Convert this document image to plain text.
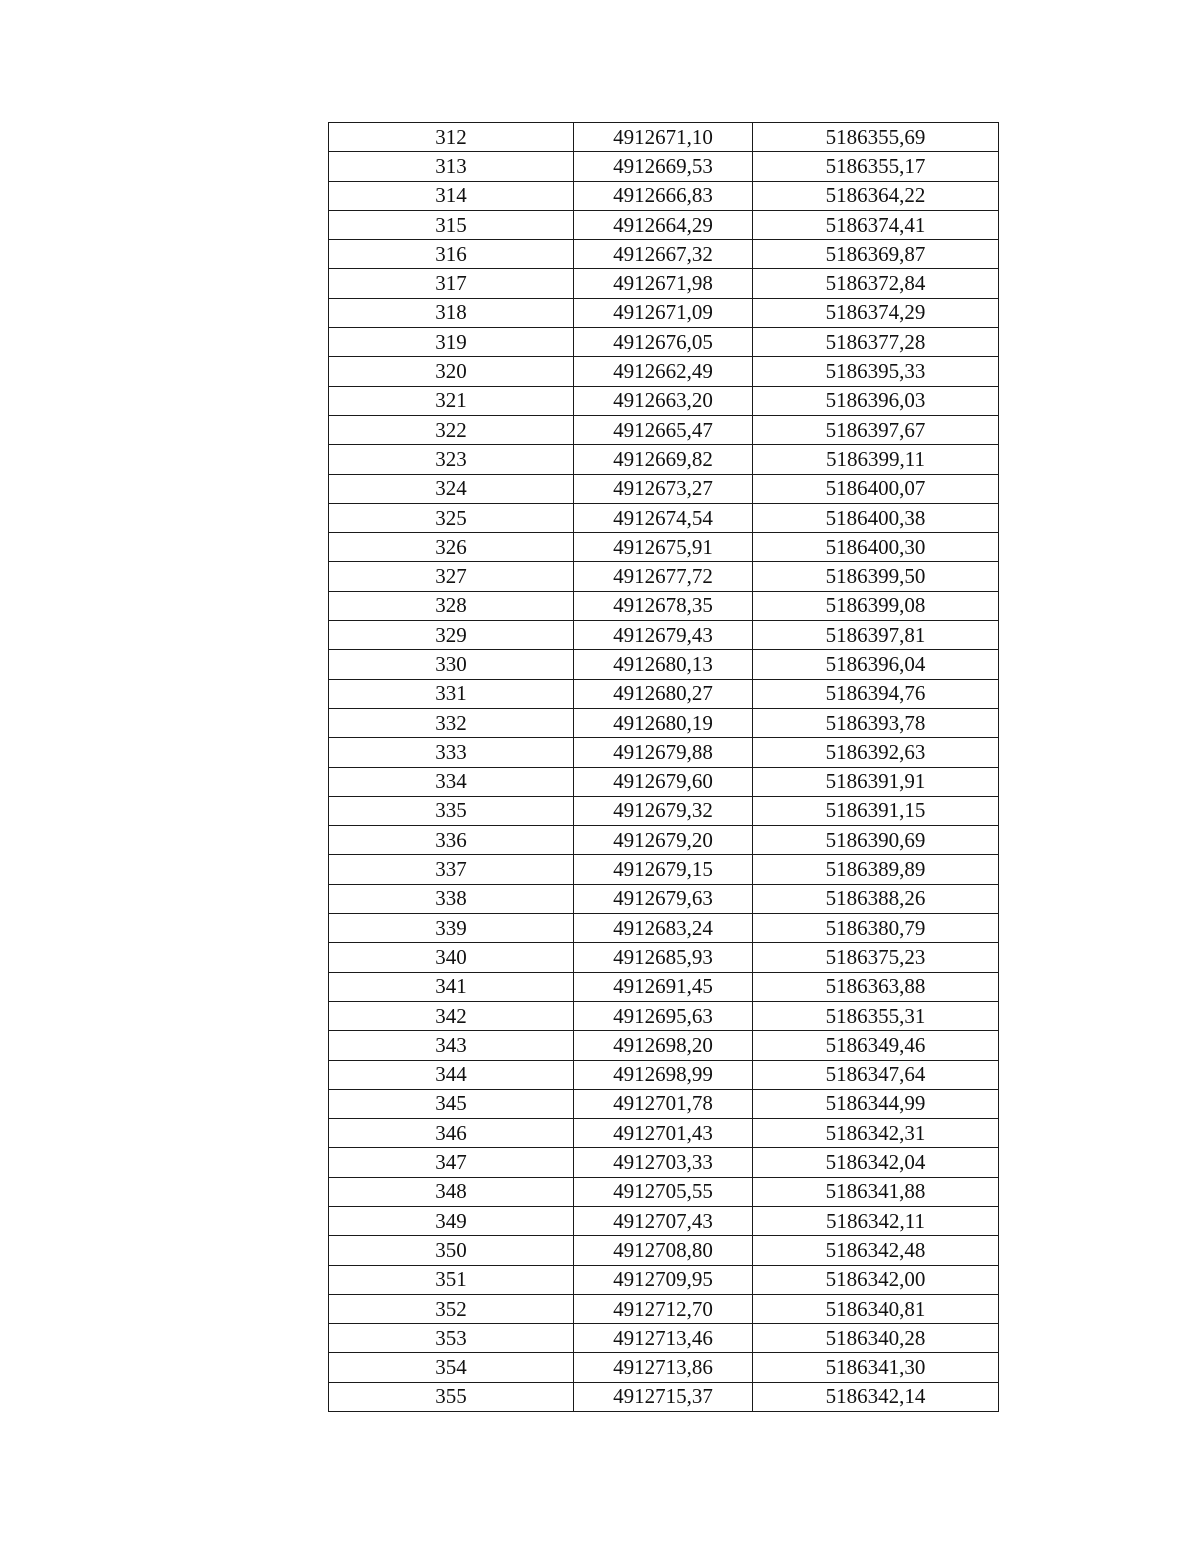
312	4912671,10	5186355,69
313	4912669,53	5186355,17
314	4912666,83	5186364,22
315	4912664,29	5186374,41
316	4912667,32	5186369,87
317	4912671,98	5186372,84
318	4912671,09	5186374,29
319	4912676,05	5186377,28
320	4912662,49	5186395,33
321	4912663,20	5186396,03
322	4912665,47	5186397,67
323	4912669,82	5186399,11
324	4912673,27	5186400,07
325	4912674,54	5186400,38
326	4912675,91	5186400,30
327	4912677,72	5186399,50
328	4912678,35	5186399,08
329	4912679,43	5186397,81
330	4912680,13	5186396,04
331	4912680,27	5186394,76
332	4912680,19	5186393,78
333	4912679,88	5186392,63
334	4912679,60	5186391,91
335	4912679,32	5186391,15
336	4912679,20	5186390,69
337	4912679,15	5186389,89
338	4912679,63	5186388,26
339	4912683,24	5186380,79
340	4912685,93	5186375,23
341	4912691,45	5186363,88
342	4912695,63	5186355,31
343	4912698,20	5186349,46
344	4912698,99	5186347,64
345	4912701,78	5186344,99
346	4912701,43	5186342,31
347	4912703,33	5186342,04
348	4912705,55	5186341,88
349	4912707,43	5186342,11
350	4912708,80	5186342,48
351	4912709,95	5186342,00
352	4912712,70	5186340,81
353	4912713,46	5186340,28
354	4912713,86	5186341,30
355	4912715,37	5186342,14
